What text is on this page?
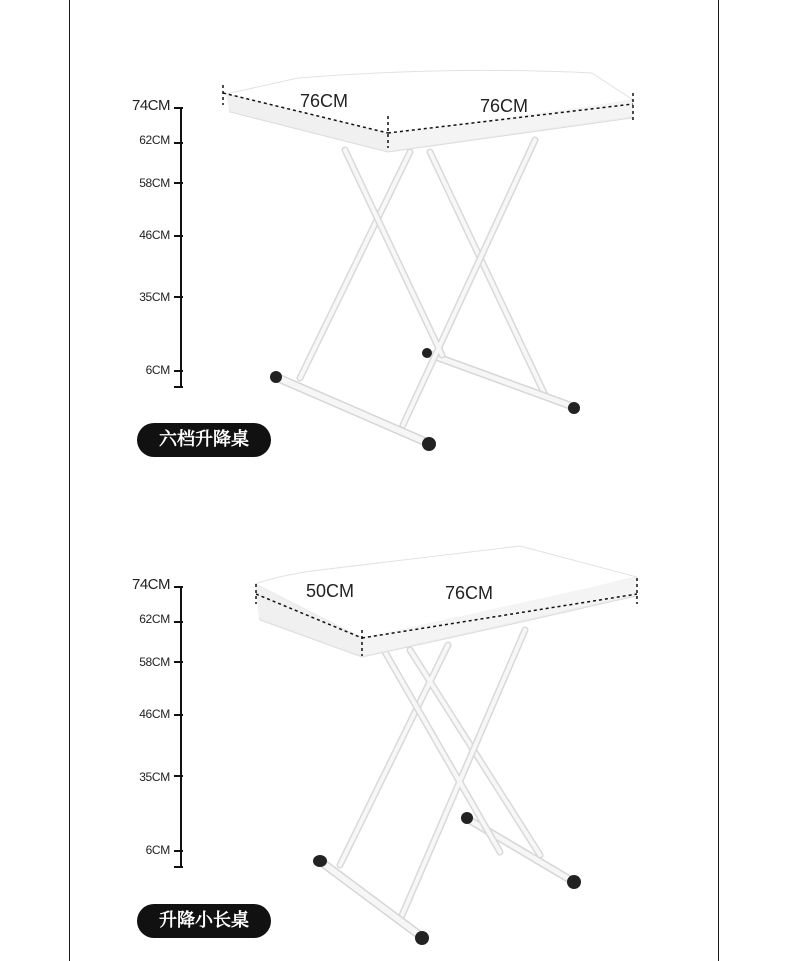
74CM
62CM
58CM
46CM
35CM
6CM
76CM	76CM
六档升降桌
74CM
62CM
58CM
46CM
35CM
6CM
50CM	76CM
升降小长桌
